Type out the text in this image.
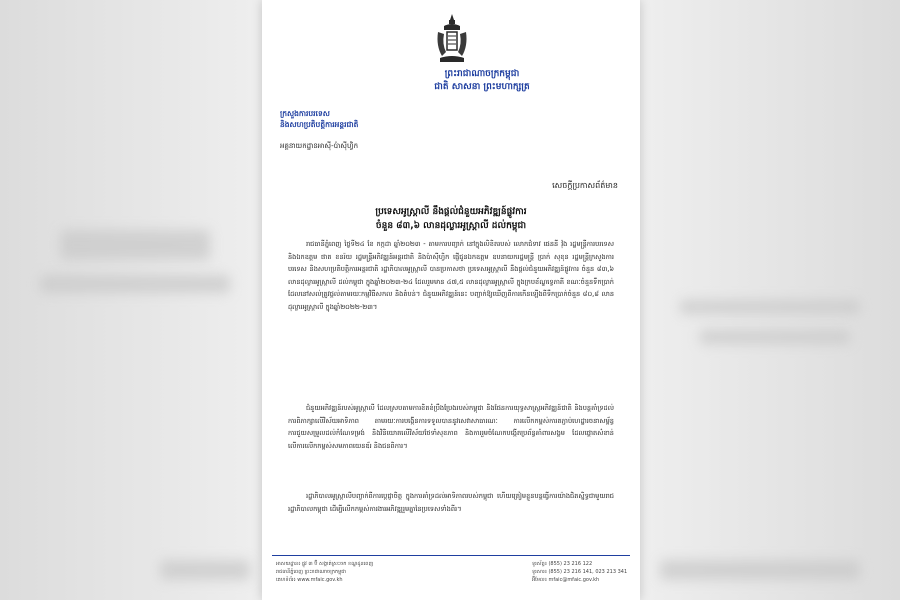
ព្រះរាជាណាចក្រកម្ពុជា
ជាតិ សាសនា ព្រះមហាក្សត្រ
ក្រសួងការបរទេស
និងសហប្រតិបត្តិការអន្តរជាតិ
អគ្គនាយកដ្ឋានអាស៊ី-ប៉ាស៊ីហ្វិក
សេចក្ដីប្រកាសព័ត៌មាន
ប្រទេសអូស្ដ្រាលី នឹងផ្ដល់ជំនួយអភិវឌ្ឍន៍ផ្លូវការ
ចំនួន ៨៣,៦ លានដុល្លារអូស្ដ្រាលី ដល់កម្ពុជា
រាជធានីភ្នំពេញ ថ្ងៃទី២៤ ខែ កក្កដា ឆ្នាំ២០២៣ - តាមការបញ្ជាក់ នៅក្នុងលិខិតរបស់ លោកជំទាវ ផេននី វ៉ុង រដ្ឋមន្ត្រីការបរទេស និងឯកឧត្តម ផាត ខនរ៉យ រដ្ឋមន្ត្រីអភិវឌ្ឍន៍អន្តរជាតិ និងប៉ាស៊ីហ្វិក ផ្ញើជូនឯកឧត្តម ឧបនាយករដ្ឋមន្ត្រី ប្រាក់ សុខុន រដ្ឋមន្ត្រីក្រសួងការបរទេស និងសហប្រតិបត្តិការអន្តរជាតិ រដ្ឋាភិបាលអូស្ដ្រាលី បានប្រកាសថា ប្រទេសអូស្ដ្រាលី នឹងផ្ដល់ជំនួយអភិវឌ្ឍន៍ផ្លូវការ ចំនួន ៨៣,៦ លានដុល្លារអូស្ដ្រាលី ដល់កម្ពុជា ក្នុងឆ្នាំ២០២៣-២៤ ដែលរួមមាន ៤៧,៥ លានដុល្លារអូស្ដ្រាលី ក្នុងក្របខ័ណ្ឌទ្វេភាគី ខណៈចំនួនទឹកប្រាក់ដែលនៅសល់ត្រូវផ្ដល់តាមរយៈកម្មវិធីសកល និងតំបន់។ ជំនួយអភិវឌ្ឍន៍នេះ បញ្ជាក់ឱ្យឃើញពីការកើនឡើងពីទឹកប្រាក់ចំនួន ៨០,៨ លានដុល្លារអូស្ដ្រាលី ក្នុងឆ្នាំ២០២២-២៣។
ជំនួយអភិវឌ្ឍន៍របស់អូស្ដ្រាលី ដែលស្របតាមការខិតខំប្រឹងប្រែងរបស់កម្ពុជា និងផែនការយុទ្ធសាស្ត្រអភិវឌ្ឍន៍ជាតិ និងបន្តគាំទ្រដល់ការពិភាក្សាលើវិស័យអាទិភាព តាមរយៈការបង្កើនការទទួលបាននូវសេវាសាធារណៈ ការលើកកម្ពស់ការតភ្ជាប់ហេដ្ឋារចនាសម្ព័ន្ធ ការជួយសម្រួលដល់កំណែទម្រង់ និងវិនិយោគលើវិស័យថែទាំសុខភាព និងការរួមចំណែកបង្កើតប្រព័ន្ធគាំពារសង្គម ដែលផ្ដោតសំខាន់លើការលើកកម្ពស់សមភាពយេនឌ័រ និងជនពិការ។
រដ្ឋាភិបាលអូស្ដ្រាលីបញ្ជាក់ពីការប្ដេជ្ញាចិត្ត ក្នុងការគាំទ្រដល់អាទិភាពរបស់កម្ពុជា ហើយត្រៀមខ្លួនបន្តធ្វើការយ៉ាងជិតស្និទ្ធជាមួយរាជរដ្ឋាភិបាលកម្ពុជា ដើម្បីលើកកម្ពស់ការងារអភិវឌ្ឍរួមគ្នានៃប្រទេសទាំងពីរ។
អាសយដ្ឋាន៖ ផ្លូវ ៣ ប៊ី សង្កាត់ស្រះចក ខណ្ឌដូនពេញ
រាជធានីភ្នំពេញ ព្រះរាជាណាចក្រកម្ពុជា
គេហទំព័រ៖ www.mfaic.gov.kh
ទូរស័ព្ទ៖ (855) 23 216 122
ទូរសារ៖ (855) 23 216 141, 023 213 341
អ៊ីមែល៖ mfaic@mfaic.gov.kh
